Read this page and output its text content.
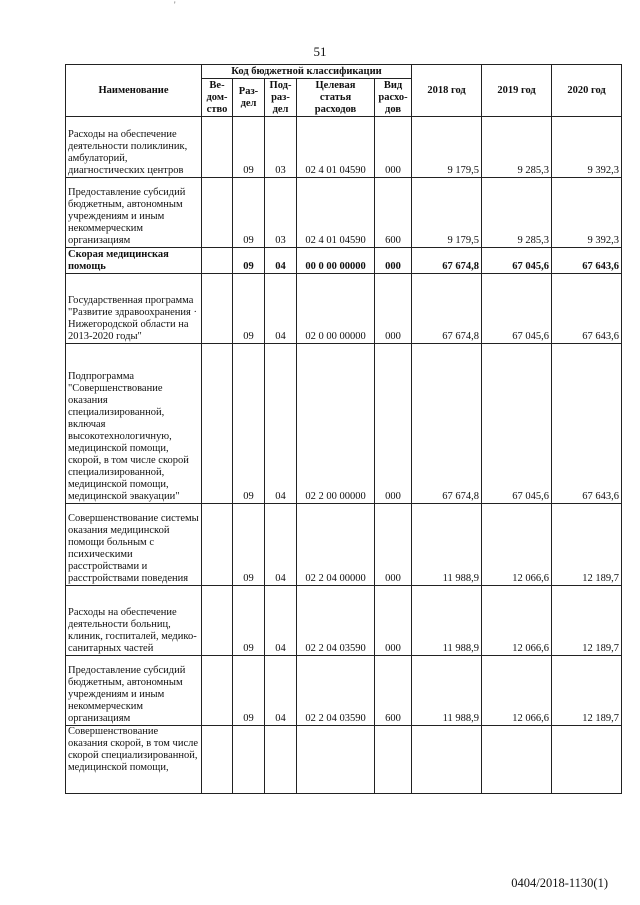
'
51
Наименование	Код бюджетной классификации					2018 год	2019 год	2020 год
	Ве-дом-ство	Раз-дел	Под-раз-дел	Целевая статья расходов	Вид расхо-дов			
Расходы на обеспечение деятельности поликлиник, амбулаторий, диагностических центров		09	03	02 4 01 04590	000	9 179,5	9 285,3	9 392,3
Предоставление субсидий бюджетным, автономным учреждениям и иным некоммерческим организациям		09	03	02 4 01 04590	600	9 179,5	9 285,3	9 392,3
Скорая медицинская помощь		09	04	00 0 00 00000	000	67 674,8	67 045,6	67 643,6
Государственная программа "Развитие здравоохранения · Нижегородской области на 2013-2020 годы"		09	04	02 0 00 00000	000	67 674,8	67 045,6	67 643,6
Подпрограмма "Совершенствование оказания специализированной, включая высокотехнологичную, медицинской помощи, скорой, в том числе скорой специализированной, медицинской помощи, медицинской эвакуации"		09	04	02 2 00 00000	000	67 674,8	67 045,6	67 643,6
Совершенствование системы оказания медицинской помощи больным с психическими расстройствами и расстройствами поведения		09	04	02 2 04 00000	000	11 988,9	12 066,6	12 189,7
Расходы на обеспечение деятельности больниц, клиник, госпиталей, медико-санитарных частей		09	04	02 2 04 03590	000	11 988,9	12 066,6	12 189,7
Предоставление субсидий бюджетным, автономным учреждениям и иным некоммерческим организациям		09	04	02 2 04 03590	600	11 988,9	12 066,6	12 189,7
Совершенствование оказания скорой, в том числе скорой специализированной, медицинской помощи,								
0404/2018-1130(1)
